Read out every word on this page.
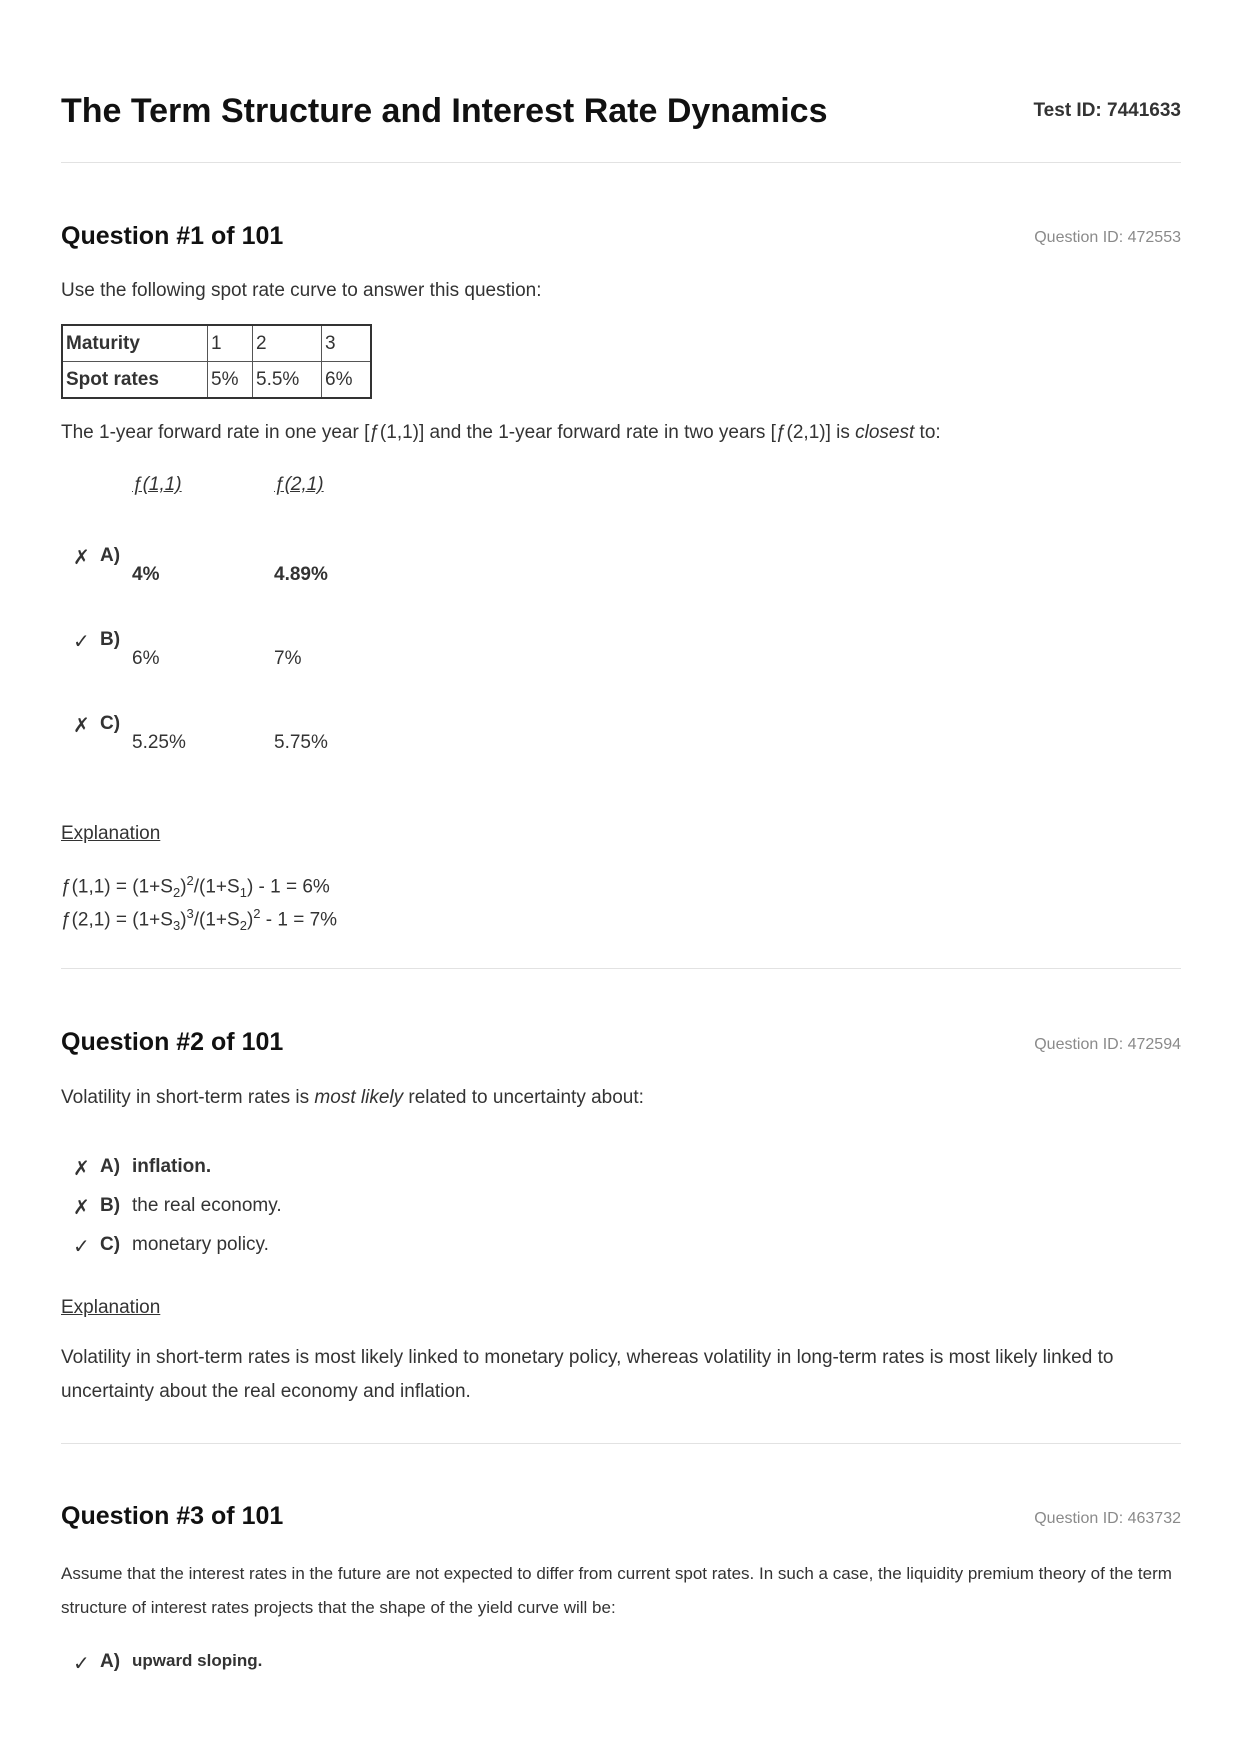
The Term Structure and Interest Rate Dynamics	Test ID: 7441633
Question #1 of 101	Question ID: 472553
Use the following spot rate curve to answer this question:
Maturity	1	2	3
Spot rates	5%	5.5%	6%
The 1-year forward rate in one year [ƒ(1,1)] and the 1-year forward rate in two years [ƒ(2,1)] is closest to:
ƒ(1,1)	ƒ(2,1)
✗ A)
4%	4.89%
✓ B)
6%	7%
✗ C)
5.25%	5.75%
Explanation
ƒ(1,1) = $(1+S_2)^2/(1+S_1) - 1 = 6\%$
ƒ(2,1) = $(1+S_3)^3/(1+S_2)^2 - 1 = 7\%$
Question #2 of 101	Question ID: 472594
Volatility in short-term rates is most likely related to uncertainty about:
✗ A) inflation.
✗ B) the real economy.
✓ C) monetary policy.
Explanation
Volatility in short-term rates is most likely linked to monetary policy, whereas volatility in long-term rates is most likely linked to uncertainty about the real economy and inflation.
Question #3 of 101	Question ID: 463732
Assume that the interest rates in the future are not expected to differ from current spot rates. In such a case, the liquidity premium theory of the term structure of interest rates projects that the shape of the yield curve will be:
✓ A) upward sloping.
